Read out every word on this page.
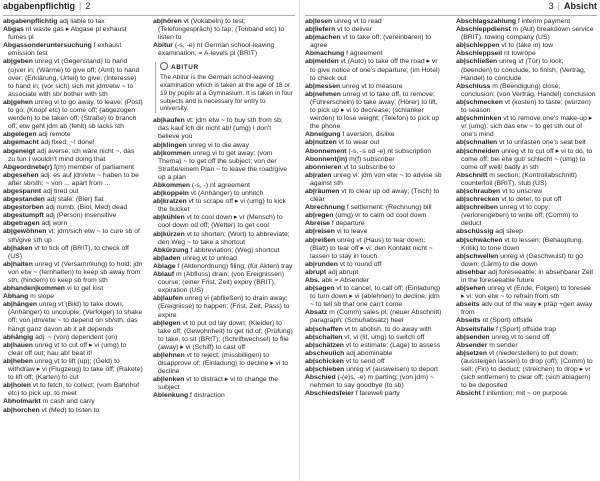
abgabenpflichtig | 2	3 | Absicht

abgabenpflichtig adj liable to tax

Abgas nt waste gas ▸ Abgase pl exhaust fumes pl

Abgassonderuntersuchung f exhaust emission test

ab|geben unreg vt (Gegenstand) to hand (o)ver in; (Wärme) to give off; (Amt) to hand over; (Erklärung, Urteil) to give; (Interesse) to hand in; (vor sich) sich mit jdm/etw ~ to associate with sb/ bother with sth

ab|gehen unreg vi to go away, to leave; (Post) to go; (Knopf etc) to come off; (abgezogen werden) to be taken off; (Straße) to branch off, etw geht jdm ab (fehlt) sb lacks sth

abgelegen adj remote

abgemacht adj fixed; ~! done!

abgeneigt adj averse; ich wäre nicht ~, das zu tun I wouldn't mind doing that

Abgeordnete(r) f(m) member of parliament

abgesehen adj: es auf jdn/etw ~ haben to be after sb/sth; ~ von ... apart from ...

abgespannt adj tired out

abgestanden adj stale; (Bier) flat

abgestorben adj numb; (Biol, Med) dead

abgestumpft adj (Person) insensitive

abgetragen adj worn

ab|gewöhnen vt: jdm/sich etw ~ to cure sb of sth/give sth up

ab|haken vt to tick off (BRIT), to check off (US)

ab|halten unreg vt (Versammlung) to hold; jdn von etw ~ (fernhalten) to keep sb away from sth; (hindern) to keep sb from sth

abhanden|kommen vi to get lost

Abhang m slope

ab|hängen unreg vt (Bild) to take down; (Anhänger) to uncouple; (Verfolger) to shake off; von jdm/etw ~ to depend on sb/sth; das hängt ganz davon ab it all depends

abhängig adj: ~ (von) dependent (on)

ab|hauen unreg vt to cut off ▸ vi (umg) to clear off out; hau ab! beat it!

ab|heben unreg vt to lift (up); (Geld) to withdraw ▸ vi (Flugzeug) to take off; (Rakete) to lift off; (Karten) to cut

ab|holen vt to fetch, to collect; (vom Bahnhof etc) to pick up, to meet

Abholmarkt m cash and carry

ab|horchen vt (Med) to listen to

ab|hören vt (Vokabeln) to test; (Telefongespräch) to tap; (Tonband etc) to listen to

Abitur (-s, -e) nt German school-leaving examination, = A-levels pl (BRIT)

ABITUR
The Abitur is the German school-leaving examination which is taken at the age of 18 or 19 by pupils at a Gymnasium. It is taken in four subjects and is necessary for entry to university.

ab|kaufen vt: jdm etw ~ to buy sth from sb; das kauf ich dir nicht ab! (umg) I don't believe you

ab|klingen unreg vi to die away

ab|kommen unreg vi to get away; (vom Thema) ~ to get off the subject; von der Straße/einem Plan ~ to leave the road/give up a plan

Abkommen (-s, -) nt agreement

ab|koppeln vt (Anhänger) to unhitch

ab|kratzen vt to scrape off ▸ vi (umg) to kick the bucket

ab|kühlen vt to cool down ▸ vr (Mensch) to cool down od off; (Wetter) to get cool

ab|kürzen vt to shorten; (Wort) to abbreviate; den Weg ~ to take a shortcut

Abkürzung f abbreviation; (Weg) shortcut

ab|laden unreg vt to unload

Ablage f (Aktenordnung) filing; (für Akten) tray

Ablauf m (Abfluss) drain; (von Ereignissen) course; (einer Frist, Zeit) expiry (BRIT), expiration (US)

ab|laufen unreg vi (abfließen) to drain away; (Ereignisse) to happen; (Frist, Zeit, Pass) to expire

ab|legen vt to put od lay down; (Kleider) to take off; (Gewohnheit) to get rid of; (Prüfung) to take, to sit (BRIT); (Schriftwechsel) to file (away) ▸ vi (Schiff) to cast off

ab|lehnen vt to reject; (missbilligen) to disapprove of; (Einladung) to decline ▸ vi to decline

ab|lenken vt to distract ▸ vi to change the subject

Ablenkung f distraction

ab|lesen unreg vt to read

ab|liefern vt to deliver

ab|machen vt to take off; (vereinbaren) to agree

Abmachung f agreement

ab|melden vt (Auto) to take off the road ▸ vr to give notice of one's departure; (im Hotel) to check out

ab|messen unreg vt to measure

ab|nehmen unreg vt to take off, to remove; (Führerschein) to take away; (Hörer) to lift, to pick up ▸ vi to decrease; (schlanker werden) to lose weight; (Telefon) to pick up the phone

Abneigung f aversion, dislike

ab|nutzen vt to wear out

Abonnement (-s, -s od -e) nt subscription

Abonnent(in) m(f) subscriber

abonnieren vt to subscribe to

ab|raten unreg vi: jdm von etw ~ to advise sb against sth

ab|räumen vt to clear up od away; (Tisch) to clear

Abrechnung f settlement; (Rechnung) bill

ab|regen (umg) vr to calm od cool down

Abreise f departure

ab|reisen vi to leave

ab|reißen unreg vt (Haus) to tear down; (Blatt) to tear off ▸ vi: den Kontakt nicht ~ lassen to stay in touch

ab|runden vt to round off

abrupt adj abrupt

Abs. abk = Absender

ab|sagen vt to cancel, to call off; (Einladung) to turn down ▸ vi (ablehnen) to decline; jdm ~ to tell sb that one can't come

Absatz m (Comm) sales pl; (neuer Abschnitt) paragraph; (Schuhabsatz) heel

ab|schaffen vt to abolish, to do away with

ab|schalten vt, vi (lit, umg) to switch off

ab|schätzen vt to estimate; (Lage) to assess

abscheulich adj abominable

ab|schicken vt to send off

ab|schieben unreg vt (ausweisen) to deport

Abschied (-(e)s, -e) m parting; (von jdm) ~ nehmen to say goodbye (to sb)

Abschiedsfeier f farewell party

Abschlagszahlung f interim payment

Abschleppdienst m (Aut) breakdown service (BRIT), towing company (US)

ab|schleppen vt to (take in) tow

Abschleppseil nt towrope

ab|schließen unreg vt (Tür) to lock; (beenden) to conclude, to finish; (Vertrag, Handel) to conclude

Abschluss m (Beendigung) close, conclusion; (von Vertrag, Handel) conclusion

ab|schmecken vt (kosten) to taste; (würzen) to season

ab|schminken vt to remove one's make-up ▸ vr (umg): sich das etw ~ to get sth out of one's mind

ab|schnallen vr to unfasten one's seat belt

ab|schneiden unreg vt to cut off ▸ vi to do, to come off; bei etw gut/ schlecht ~ (umg) to come off well/ badly in sth

Abschnitt m section; (Kontrollabschnitt) counterfoil (BRIT), stub (US)

ab|schrauben vt to unscrew

ab|schrecken vt to deter, to put off

ab|schreiben unreg vt to copy; (verlorengeben) to write off; (Comm) to deduct

abschüssig adj steep

ab|schwächen vt to lessen; (Behauptung, Kritik) to tone down

ab|schwellen unreg vi (Geschwulst) to go down; (Lärm) to die down

absehbar adj foreseeable; in absehbarer Zeit in the foreseeable future

ab|sehen unreg vt (Ende, Folgen) to foresee ▸ vi: von etw ~ to refrain from sth

abseits adv out of the way ▸ präp +gen away from

Abseits nt (Sport) offside

Abseitsfalle f (Sport) offside trap

ab|senden unreg vt to send off

Absender m sender

ab|setzen vt (niederstellen) to put down; (aussteigen lassen) to drop (off); (Comm) to sell; (Fin) to deduct; (streichen) to drop ▸ vr (sich entfernen) to clear off; (sich ablagern) to be deposited

Absicht f intention; mit ~ on purpose
